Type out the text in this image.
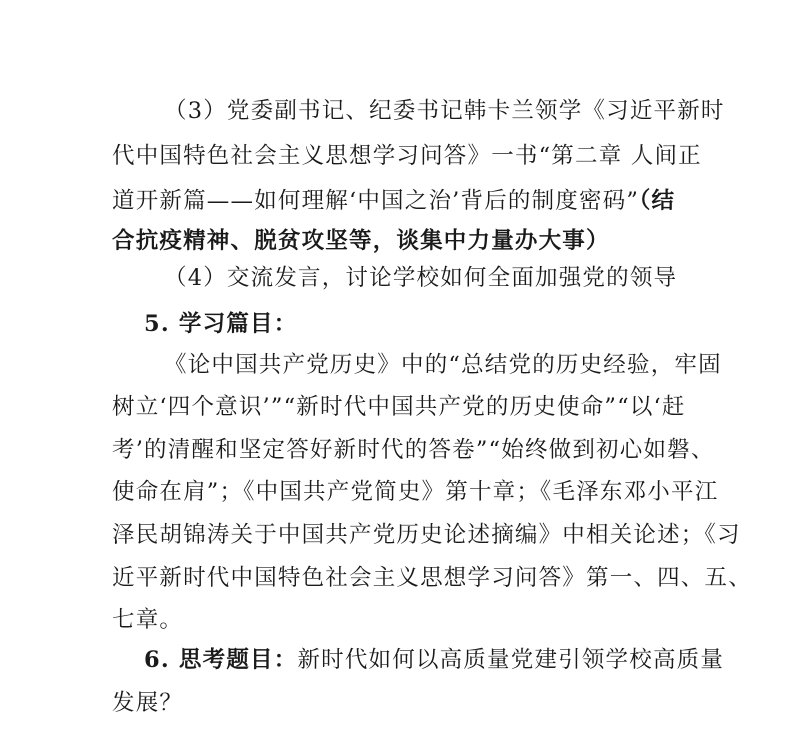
（3）党委副书记、纪委书记韩卡兰领学《习近平新时
代中国特色社会主义思想学习问答》一书“第二章 人间正
道开新篇——如何理解‘中国之治’背后的制度密码”（结
合抗疫精神、脱贫攻坚等，谈集中力量办大事）
（4）交流发言，讨论学校如何全面加强党的领导
5. 学习篇目：
《论中国共产党历史》中的“总结党的历史经验，牢固
树立‘四个意识’”“新时代中国共产党的历史使命”“以‘赶
考’的清醒和坚定答好新时代的答卷”“始终做到初心如磐、
使命在肩”；《中国共产党简史》第十章；《毛泽东邓小平江
泽民胡锦涛关于中国共产党历史论述摘编》中相关论述；《习
近平新时代中国特色社会主义思想学习问答》第一、四、五、
七章。
6. 思考题目：新时代如何以高质量党建引领学校高质量
发展？
